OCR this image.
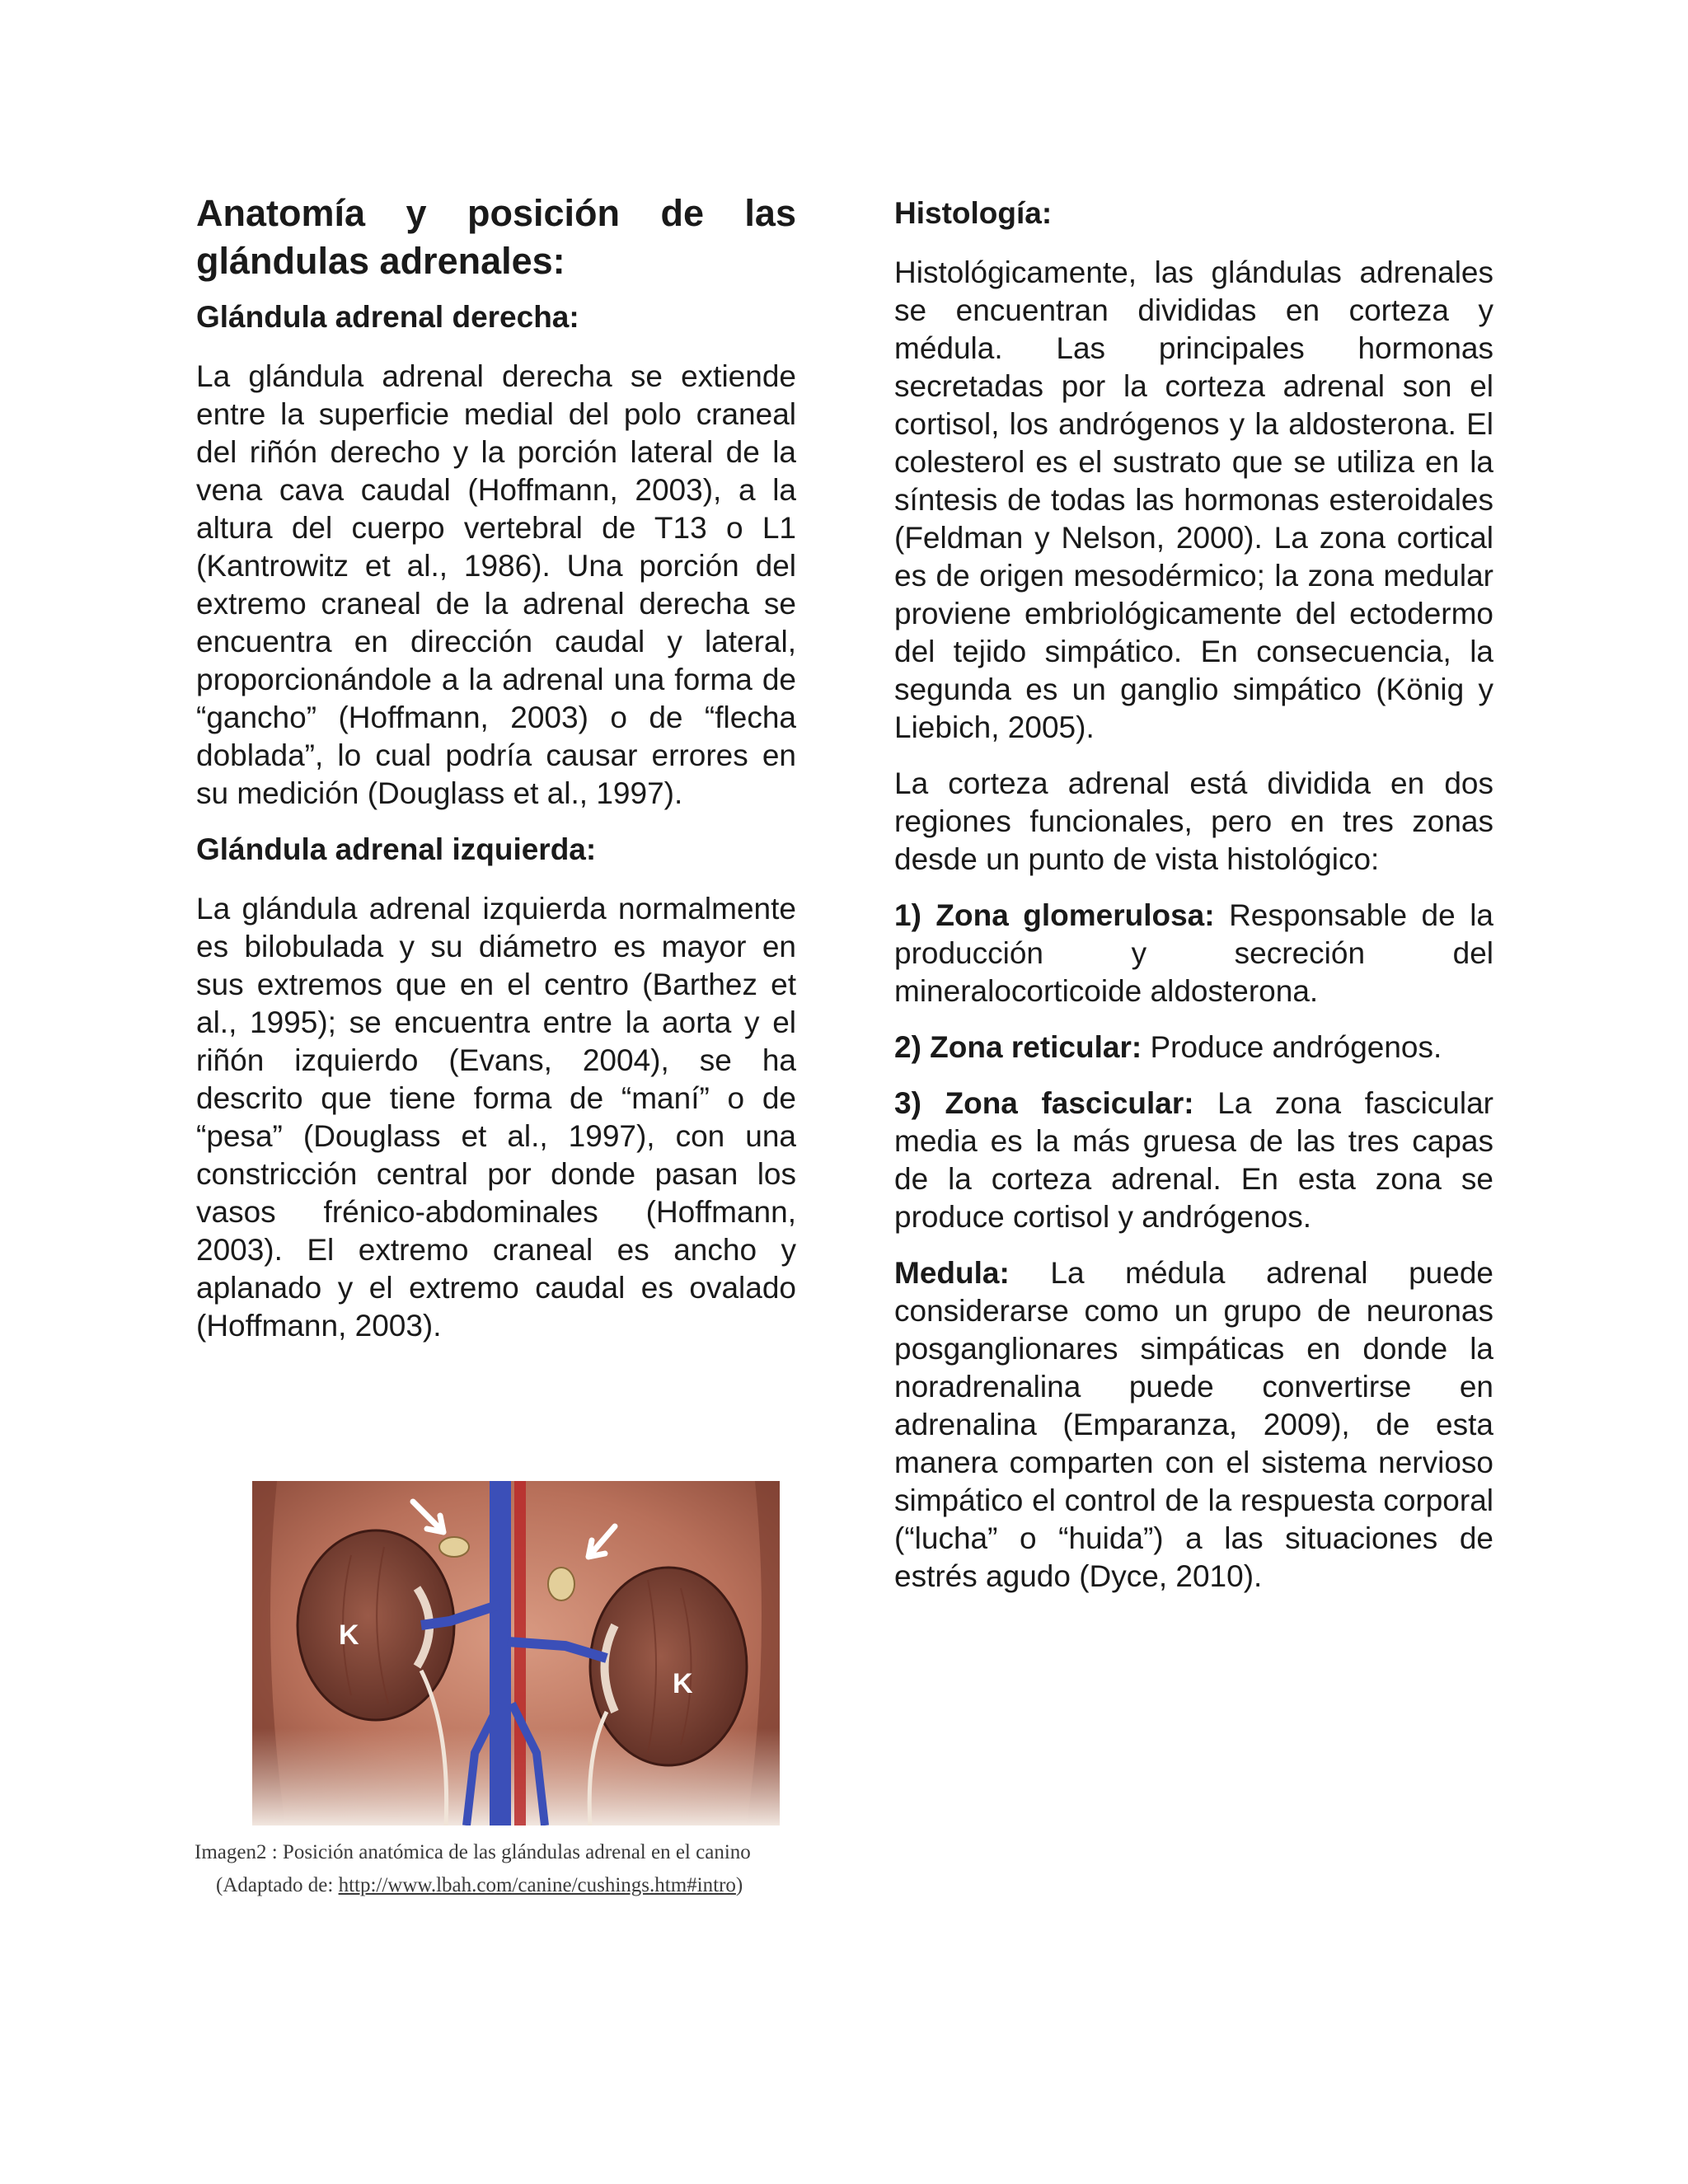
Anatomía y posición de las glándulas adrenales:
Glándula adrenal derecha:

La glándula adrenal derecha se extiende entre la superficie medial del polo craneal del riñón derecho y la porción lateral de la vena cava caudal (Hoffmann, 2003), a la altura del cuerpo vertebral de T13 o L1 (Kantrowitz et al., 1986). Una porción del extremo craneal de la adrenal derecha se encuentra en dirección caudal y lateral, proporcionándole a la adrenal una forma de “gancho” (Hoffmann, 2003) o de “flecha doblada”, lo cual podría causar errores en su medición (Douglass et al., 1997).

Glándula adrenal izquierda:

La glándula adrenal izquierda normalmente es bilobulada y su diámetro es mayor en sus extremos que en el centro (Barthez et al., 1995); se encuentra entre la aorta y el riñón izquierdo (Evans, 2004), se ha descrito que tiene forma de “maní” o de “pesa” (Douglass et al., 1997), con una constricción central por donde pasan los vasos frénico-abdominales (Hoffmann, 2003). El extremo craneal es ancho y aplanado y el extremo caudal es ovalado (Hoffmann, 2003).

K
K
Imagen2 : Posición anatómica de las glándulas adrenal en el canino
(Adaptado de: http://www.lbah.com/canine/cushings.htm#intro)
Histología:

Histológicamente, las glándulas adrenales se encuentran divididas en corteza y médula. Las principales hormonas secretadas por la corteza adrenal son el cortisol, los andrógenos y la aldosterona. El colesterol es el sustrato que se utiliza en la síntesis de todas las hormonas esteroidales (Feldman y Nelson, 2000). La zona cortical es de origen mesodérmico; la zona medular proviene embriológicamente del ectodermo del tejido simpático. En consecuencia, la segunda es un ganglio simpático (König y Liebich, 2005).

La corteza adrenal está dividida en dos regiones funcionales, pero en tres zonas desde un punto de vista histológico:

1) Zona glomerulosa: Responsable de la producción y secreción del mineralocorticoide aldosterona.

2) Zona reticular: Produce andrógenos.

3) Zona fascicular: La zona fascicular media es la más gruesa de las tres capas de la corteza adrenal. En esta zona se produce cortisol y andrógenos.

Medula: La médula adrenal puede considerarse como un grupo de neuronas posganglionares simpáticas en donde la noradrenalina puede convertirse en adrenalina (Emparanza, 2009), de esta manera comparten con el sistema nervioso simpático el control de la respuesta corporal (“lucha” o “huida”) a las situaciones de estrés agudo (Dyce, 2010).
